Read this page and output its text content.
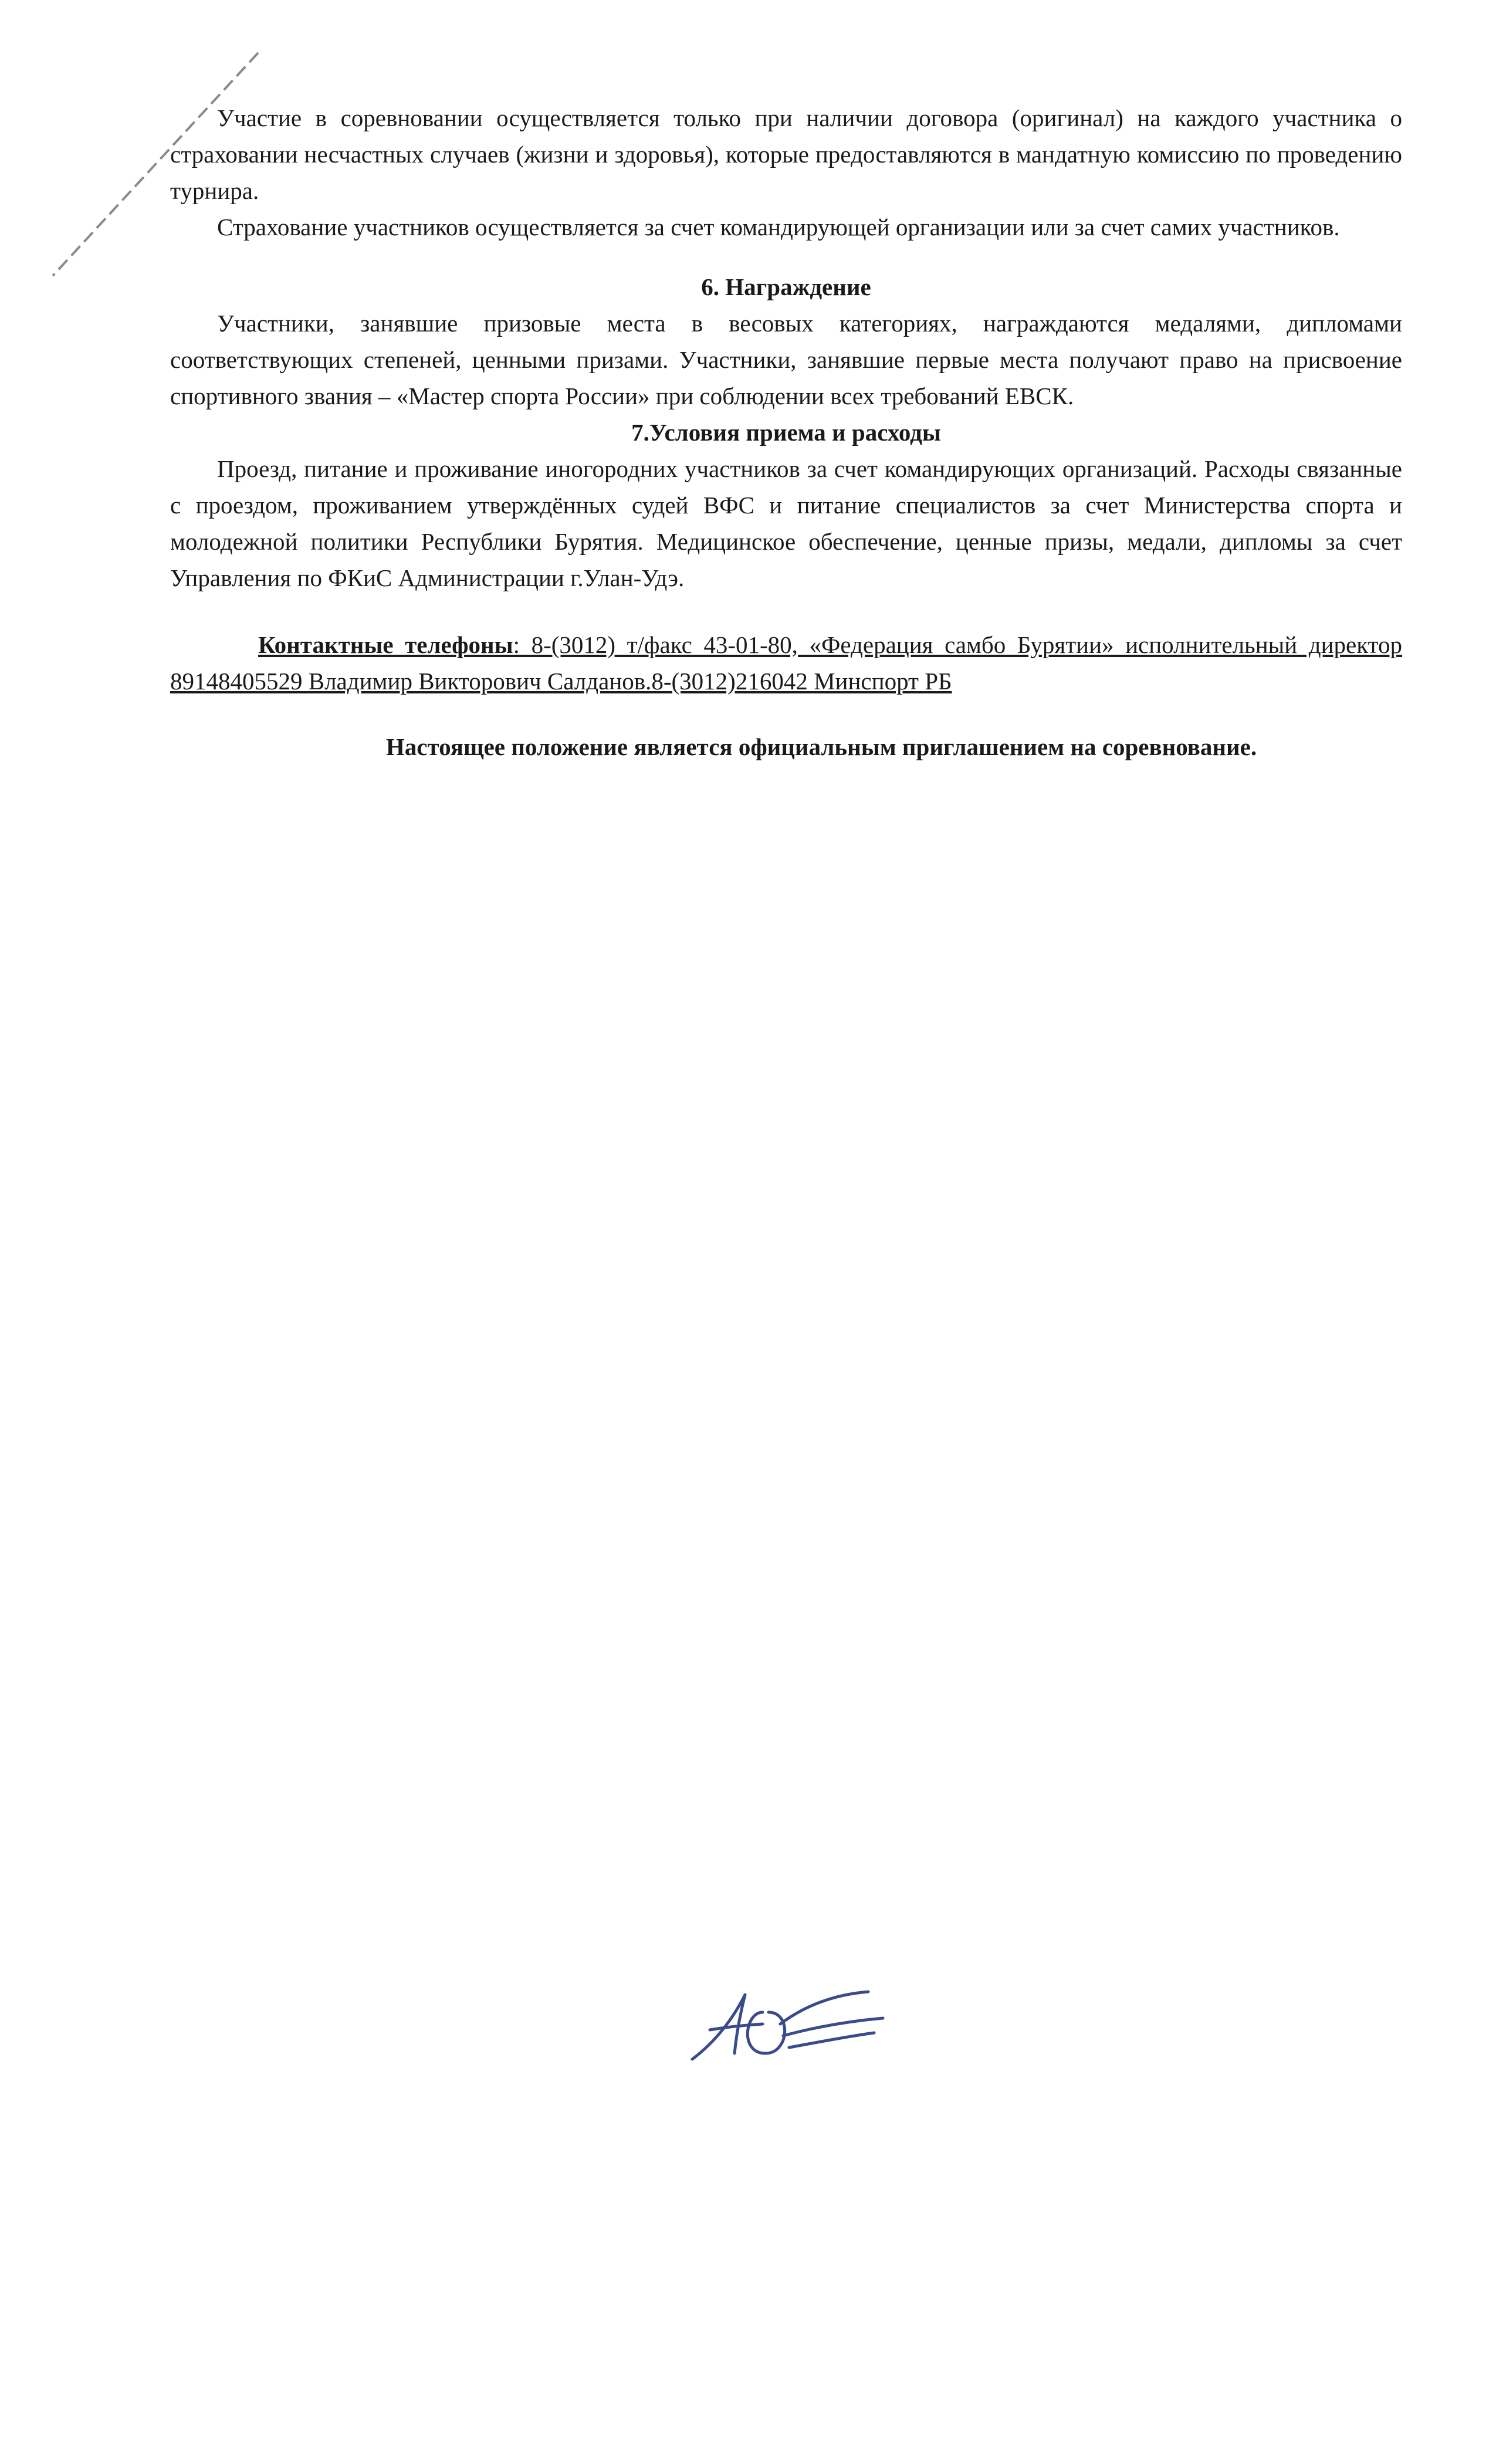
Участие в соревновании осуществляется только при наличии договора (оригинал) на каждого участника о страховании несчастных случаев (жизни и здоровья), которые предоставляются в мандатную комиссию по проведению турнира.

Страхование участников осуществляется за счет командирующей организации или за счет самих участников.

6. Награждение

Участники, занявшие призовые места в весовых категориях, награждаются медалями, дипломами соответствующих степеней, ценными призами. Участники, занявшие первые места получают право на присвоение спортивного звания – «Мастер спорта России» при соблюдении всех требований ЕВСК.

7.Условия приема и расходы

Проезд, питание и проживание иногородних участников за счет командирующих организаций. Расходы связанные с проездом, проживанием утверждённых судей ВФС и питание специалистов за счет Министерства спорта и молодежной политики Республики Бурятия. Медицинское обеспечение, ценные призы, медали, дипломы за счет Управления по ФКиС Администрации г.Улан-Удэ.

Контактные телефоны: 8-(3012) т/факс 43-01-80, «Федерация самбо Бурятии» исполнительный директор 89148405529 Владимир Викторович Салданов.8-(3012)216042 Минспорт РБ

Настоящее положение является официальным приглашением на соревнование.
